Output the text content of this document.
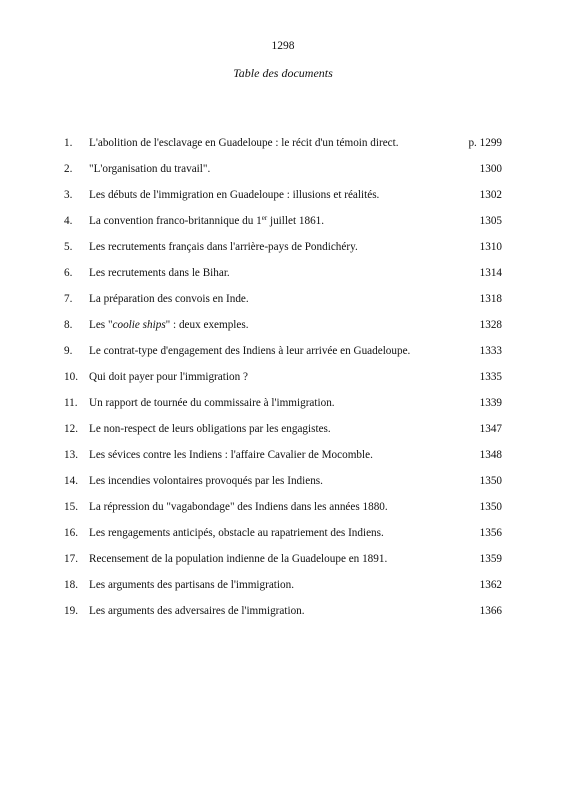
1298
Table des documents
1. L'abolition de l'esclavage en Guadeloupe : le récit d'un témoin direct.	p. 1299
2. "L'organisation du travail".	1300
3. Les débuts de l'immigration en Guadeloupe : illusions et réalités.	1302
4. La convention franco-britannique du 1er juillet 1861.	1305
5. Les recrutements français dans l'arrière-pays de Pondichéry.	1310
6. Les recrutements dans le Bihar.	1314
7. La préparation des convois en Inde.	1318
8. Les "coolie ships" : deux exemples.	1328
9. Le contrat-type d'engagement des Indiens à leur arrivée en Guadeloupe.	1333
10. Qui doit payer pour l'immigration ?	1335
11. Un rapport de tournée du commissaire à l'immigration.	1339
12. Le non-respect de leurs obligations par les engagistes.	1347
13. Les sévices contre les Indiens : l'affaire Cavalier de Mocomble.	1348
14. Les incendies volontaires provoqués par les Indiens.	1350
15. La répression du "vagabondage" des Indiens dans les années 1880.	1350
16. Les rengagements anticipés, obstacle au rapatriement des Indiens.	1356
17. Recensement de la population indienne de la Guadeloupe en 1891.	1359
18. Les arguments des partisans de l'immigration.	1362
19. Les arguments des adversaires de l'immigration.	1366
